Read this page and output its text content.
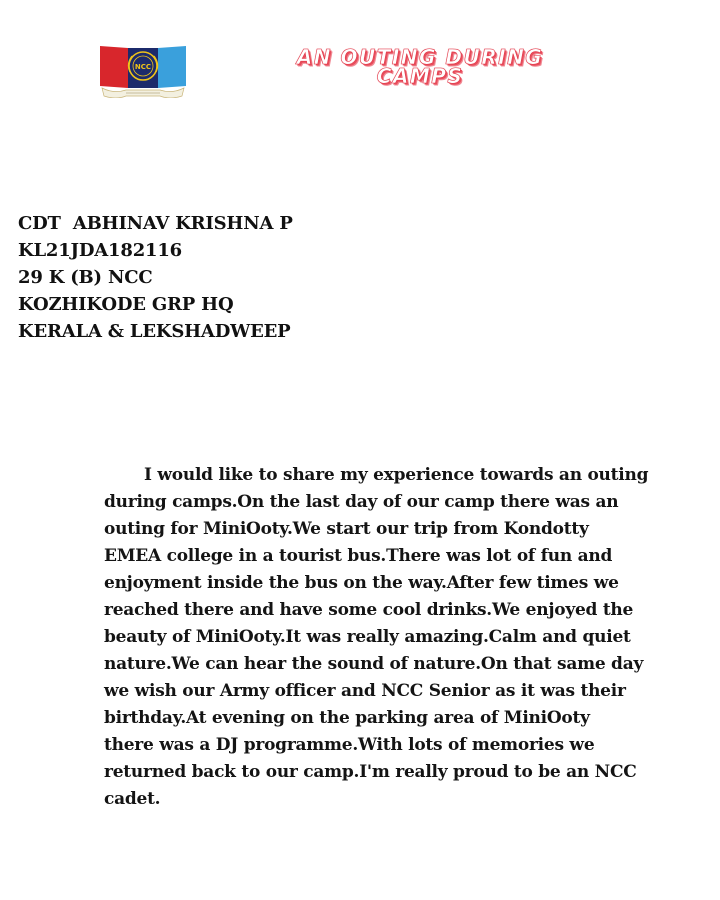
NCC	AN OUTING DURING
CAMPS
CDT  ABHINAV KRISHNA P
KL21JDA182116
29 K (B) NCC
KOZHIKODE GRP HQ
KERALA & LEKSHADWEEP
I would like to share my experience towards an outing
during camps.On the last day of our camp there was an
outing for MiniOoty.We start our trip from Kondotty
EMEA college in a tourist bus.There was lot of fun and
enjoyment inside the bus on the way.After few times we
reached there and have some cool drinks.We enjoyed the
beauty of MiniOoty.It was really amazing.Calm and quiet
nature.We can hear the sound of nature.On that same day
we wish our Army officer and NCC Senior as it was their
birthday.At evening on the parking area of MiniOoty
there was a DJ programme.With lots of memories we
returned back to our camp.I'm really proud to be an NCC
cadet.
